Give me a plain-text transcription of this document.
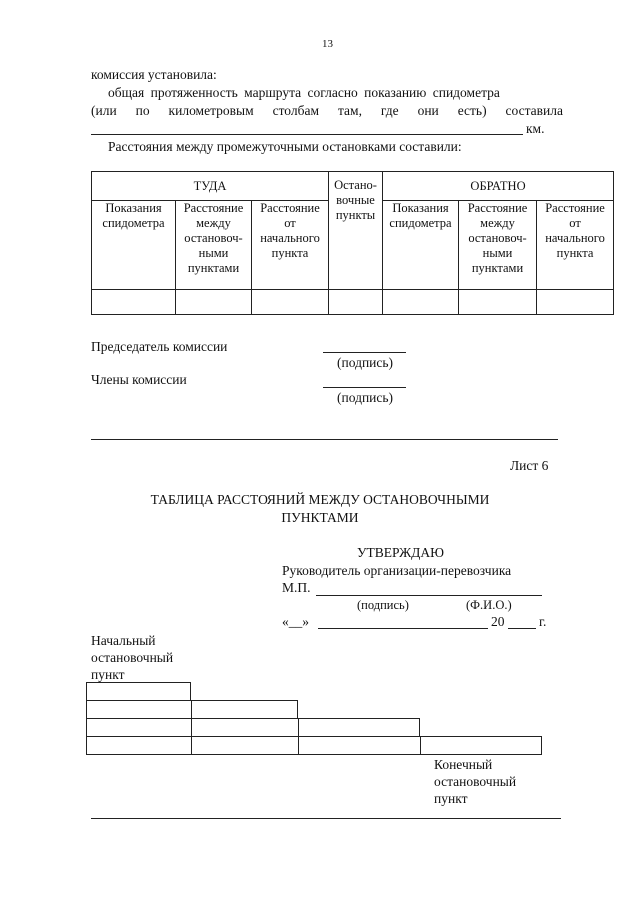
13
комиссия установила:
общая протяженность маршрута согласно показанию спидометра
(или по километровым столбам там, где они есть) составила
км.
Расстояния между промежуточными остановками составили:
ТУДА			Остано-вочные пункты	ОБРАТНО		
Показания спидометра	Расстояние между остановоч-ными пунктами	Расстояние от начального пункта		Показания спидометра	Расстояние между остановоч-ными пунктами	Расстояние от начального пункта

Председатель комиссии
(подпись)
Члены комиссии
(подпись)
Лист 6
ТАБЛИЦА РАССТОЯНИЙ МЕЖДУ ОСТАНОВОЧНЫМИ
ПУНКТАМИ
УТВЕРЖДАЮ
Руководитель организации-перевозчика
М.П.
(подпись)	(Ф.И.О.)
«__»	20	г.
Начальный
остановочный
пункт
Конечный
остановочный
пункт
